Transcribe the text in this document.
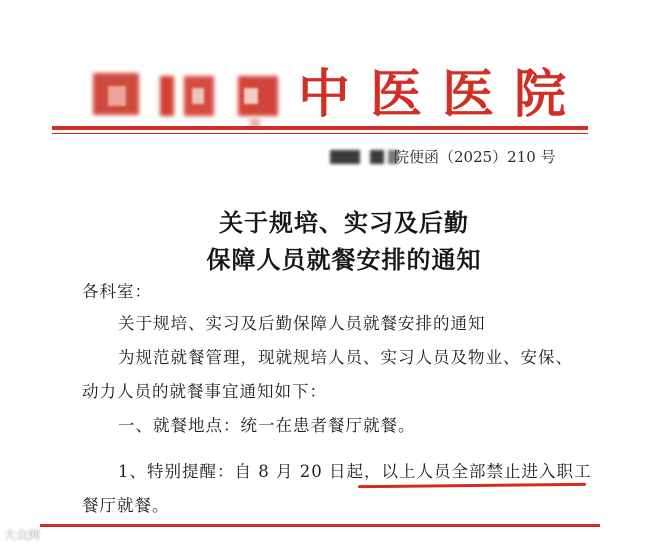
中医医院
院便函（2025）210 号
关于规培、实习及后勤
保障人员就餐安排的通知
各科室：
关于规培、实习及后勤保障人员就餐安排的通知
为规范就餐管理，现就规培人员、实习人员及物业、安保、
动力人员的就餐事宜通知如下：
一、就餐地点：统一在患者餐厅就餐。
1、特别提醒：自 8 月 20 日起，以上人员全部禁止进入职工
餐厅就餐。
大众网
